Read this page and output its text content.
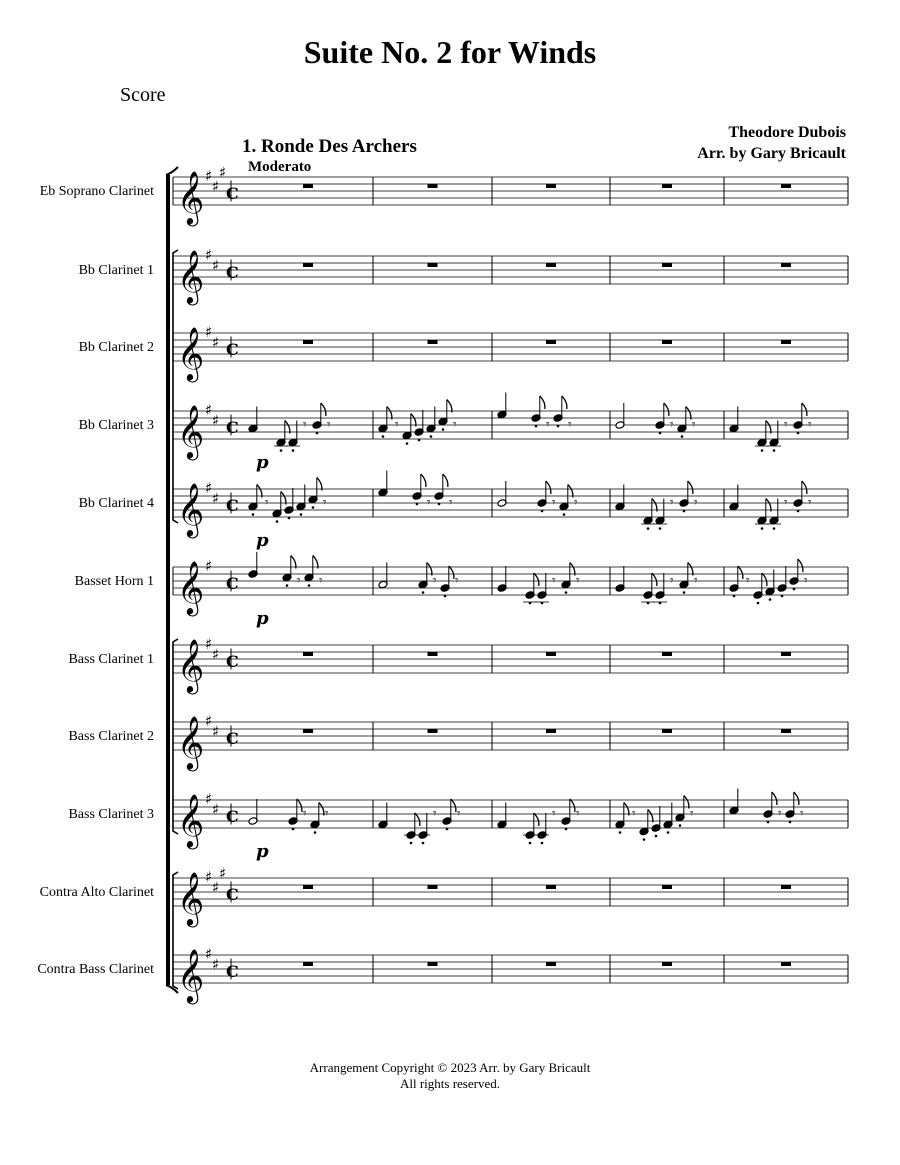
Suite No. 2 for Winds
Score
1. Ronde Des Archers
Moderato
Theodore Dubois
Arr. by Gary Bricault
Eb Soprano Clarinet
Bb Clarinet 1
Bb Clarinet 2
Bb Clarinet 3
Bb Clarinet 4
Basset Horn 1
Bass Clarinet 1
Bass Clarinet 2
Bass Clarinet 3
Contra Alto Clarinet
Contra Bass Clarinet
𝄞 ♯
♯
♯
C
𝄞 ♯
♯ C
𝄞 ♯
♯ C
𝄞 ♯
♯ C	𝄾 𝄾	𝄾	𝄾	𝄾 𝄾	𝄾 𝄾	𝄾 𝄾
p
𝄞 ♯
♯ C 𝄾	𝄾	𝄾 𝄾	𝄾 𝄾	𝄾 𝄾	𝄾 𝄾
p
𝄞 ♯
C	𝄾 𝄾	𝄾 𝄾	𝄾 𝄾	𝄾 𝄾	𝄾	𝄾
p
𝄞 ♯
♯ C
𝄞 ♯
♯ C
𝄞 ♯
♯ C	𝄾 𝄾	𝄾 𝄾	𝄾 𝄾	𝄾	𝄾	𝄾 𝄾
p
𝄞 ♯
♯
♯
C
𝄞 ♯
♯ C
Arrangement Copyright © 2023 Arr. by Gary Bricault
All rights reserved.
